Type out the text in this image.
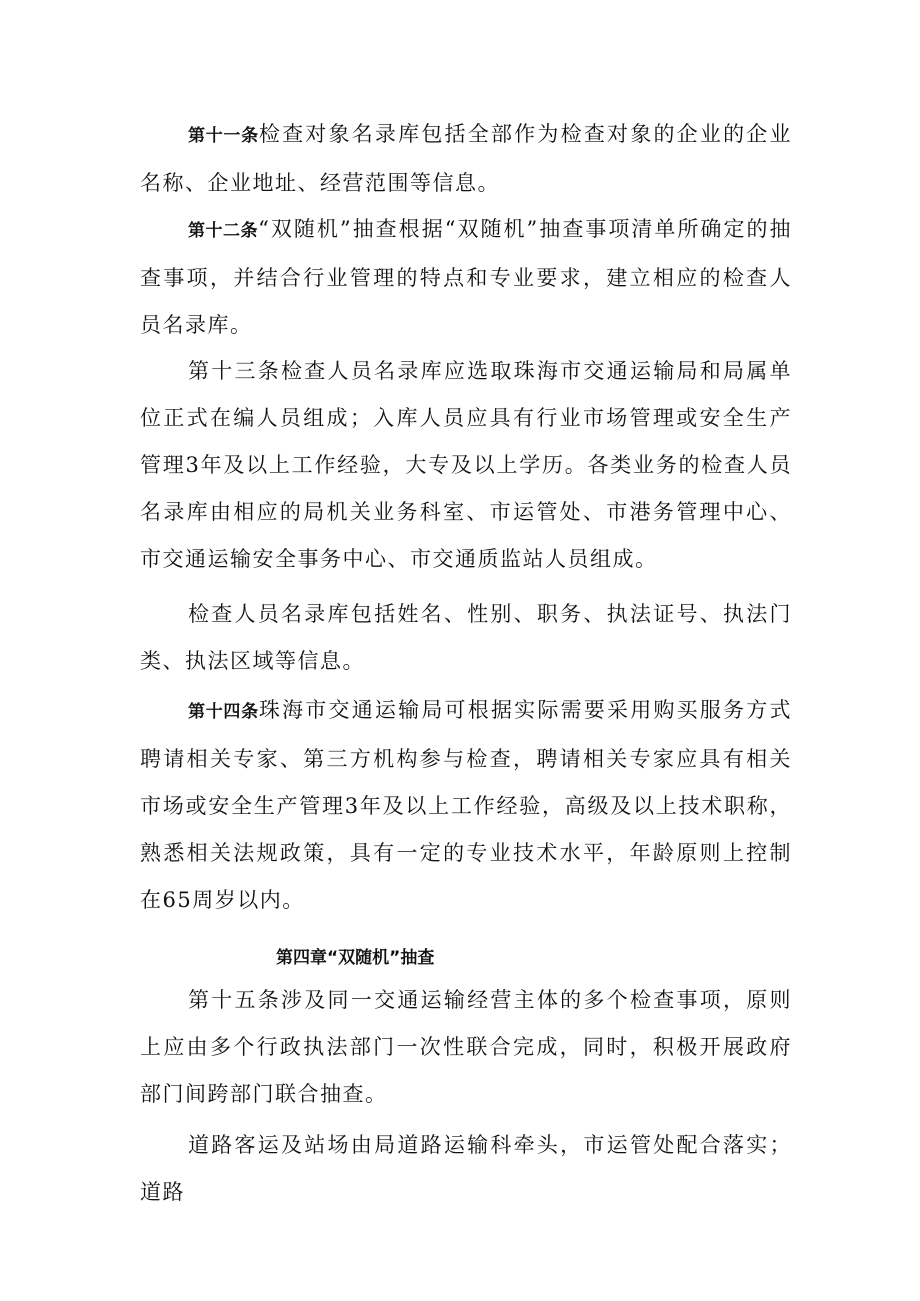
第十一条检查对象名录库包括全部作为检查对象的企业的企业名称、企业地址、经营范围等信息。

第十二条“双随机”抽查根据“双随机”抽查事项清单所确定的抽查事项，并结合行业管理的特点和专业要求，建立相应的检查人员名录库。

第十三条检查人员名录库应选取珠海市交通运输局和局属单位正式在编人员组成；入库人员应具有行业市场管理或安全生产管理3年及以上工作经验，大专及以上学历。各类业务的检查人员名录库由相应的局机关业务科室、市运管处、市港务管理中心、市交通运输安全事务中心、市交通质监站人员组成。

检查人员名录库包括姓名、性别、职务、执法证号、执法门类、执法区域等信息。

第十四条珠海市交通运输局可根据实际需要采用购买服务方式聘请相关专家、第三方机构参与检查，聘请相关专家应具有相关市场或安全生产管理3年及以上工作经验，高级及以上技术职称，熟悉相关法规政策，具有一定的专业技术水平，年龄原则上控制在65周岁以内。

第四章“双随机”抽查

第十五条涉及同一交通运输经营主体的多个检查事项，原则上应由多个行政执法部门一次性联合完成，同时，积极开展政府部门间跨部门联合抽查。

道路客运及站场由局道路运输科牵头，市运管处配合落实；道路
